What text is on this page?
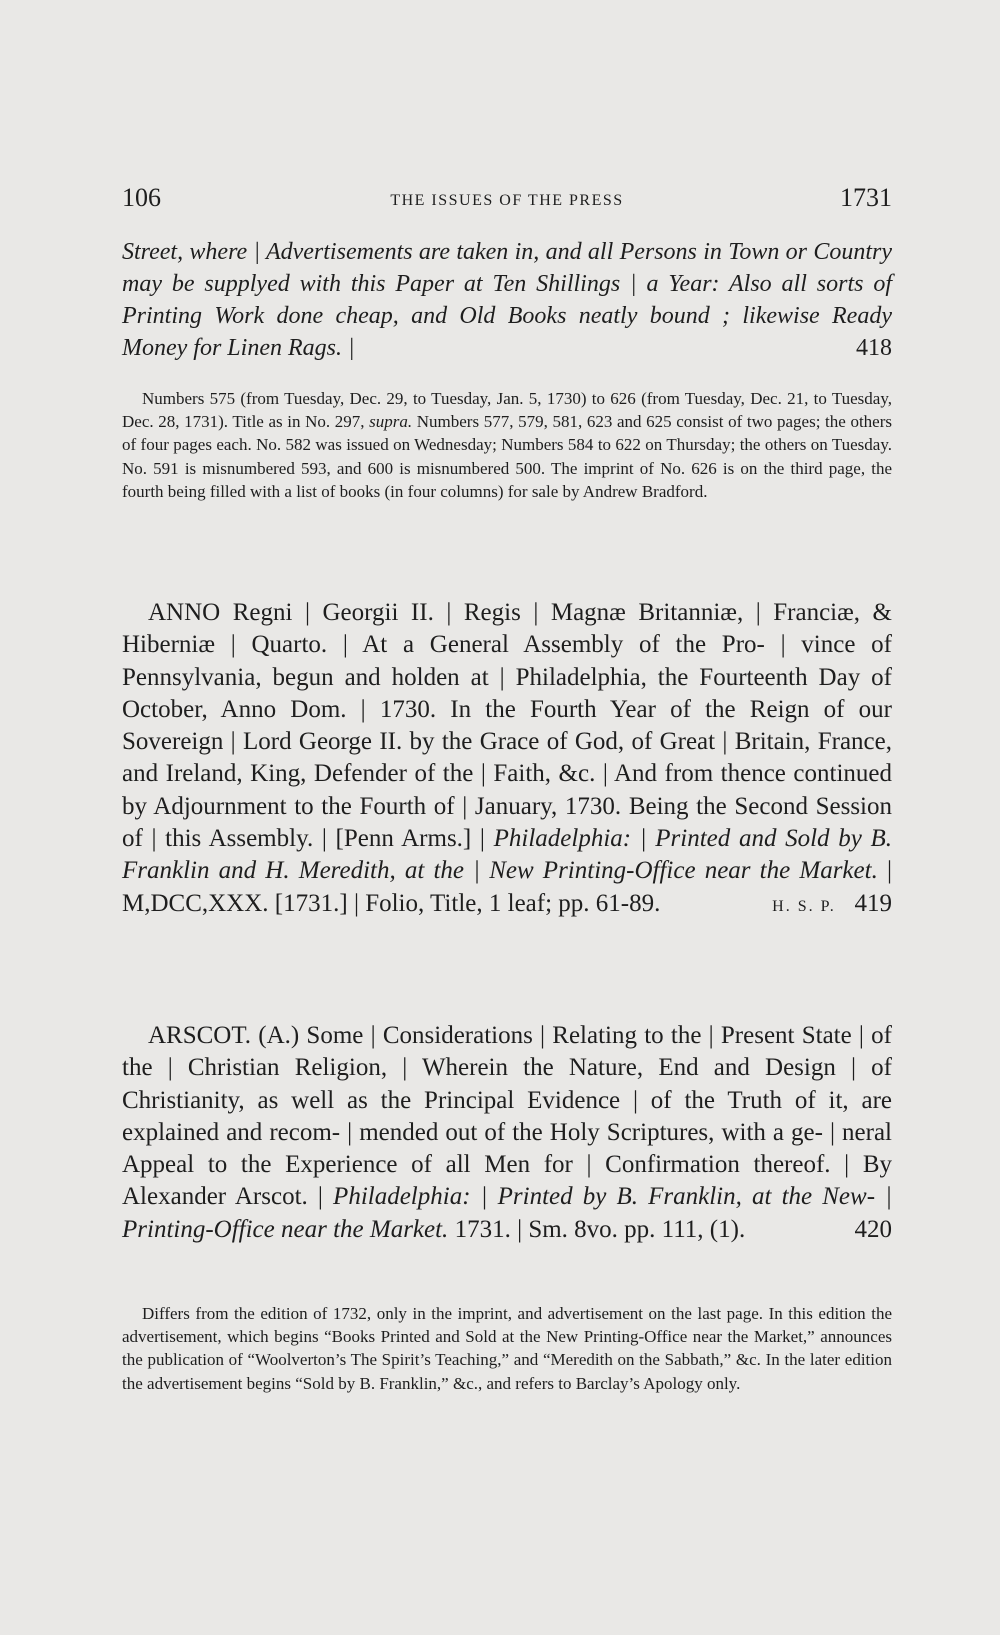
106	THE ISSUES OF THE PRESS	1731
Street, where | Advertisements are taken in, and all Persons in Town or Country may be supplyed with this Paper at Ten Shillings | a Year: Also all sorts of Printing Work done cheap, and Old Books neatly bound ; likewise Ready Money for Linen Rags. |	418

Numbers 575 (from Tuesday, Dec. 29, to Tuesday, Jan. 5, 1730) to 626 (from Tuesday, Dec. 21, to Tuesday, Dec. 28, 1731). Title as in No. 297, supra. Numbers 577, 579, 581, 623 and 625 consist of two pages; the others of four pages each. No. 582 was issued on Wednesday; Numbers 584 to 622 on Thursday; the others on Tuesday. No. 591 is misnumbered 593, and 600 is misnumbered 500. The imprint of No. 626 is on the third page, the fourth being filled with a list of books (in four columns) for sale by Andrew Bradford.

ANNO Regni | Georgii II. | Regis | Magnæ Britanniæ, | Franciæ, & Hiberniæ | Quarto. | At a General Assembly of the Pro- | vince of Pennsylvania, begun and holden at | Philadelphia, the Fourteenth Day of October, Anno Dom. | 1730. In the Fourth Year of the Reign of our Sovereign | Lord George II. by the Grace of God, of Great | Britain, France, and Ireland, King, Defender of the | Faith, &c. | And from thence continued by Adjournment to the Fourth of | January, 1730. Being the Second Session of | this Assembly. | [Penn Arms.] | Philadelphia: | Printed and Sold by B. Franklin and H. Meredith, at the | New Printing-Office near the Market. | M,DCC,XXX. [1731.] | Folio, Title, 1 leaf; pp. 61-89.	H. S. P. 419

ARSCOT. (A.) Some | Considerations | Relating to the | Present State | of the | Christian Religion, | Wherein the Nature, End and Design | of Christianity, as well as the Principal Evidence | of the Truth of it, are explained and recom- | mended out of the Holy Scriptures, with a ge- | neral Appeal to the Experience of all Men for | Confirmation thereof. | By Alexander Arscot. | Philadelphia: | Printed by B. Franklin, at the New- | Printing-Office near the Market. 1731. | Sm. 8vo. pp. 111, (1).	420

Differs from the edition of 1732, only in the imprint, and advertisement on the last page. In this edition the advertisement, which begins “Books Printed and Sold at the New Printing-Office near the Market,” announces the publication of “Woolverton’s The Spirit’s Teaching,” and “Meredith on the Sabbath,” &c. In the later edition the advertisement begins “Sold by B. Franklin,” &c., and refers to Barclay’s Apology only.
